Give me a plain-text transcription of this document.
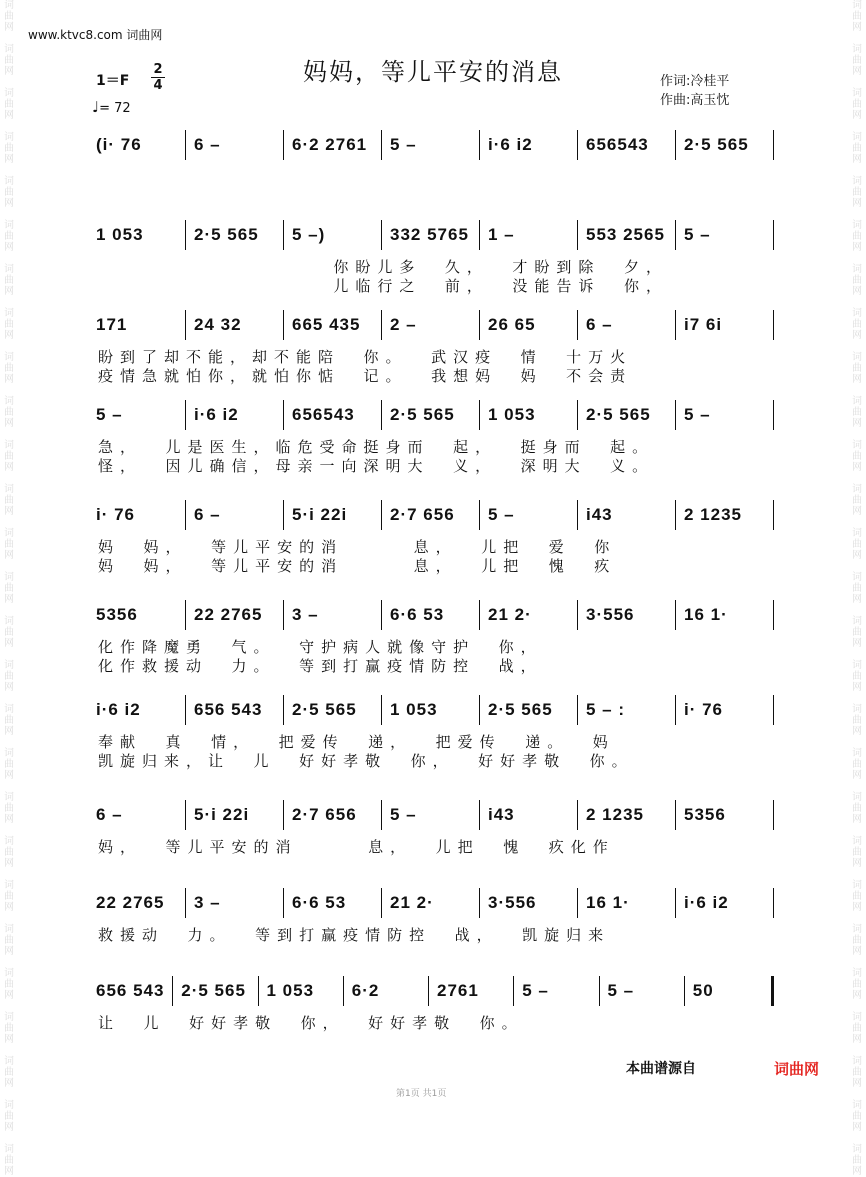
词
曲
网

词
曲
网

词
曲
网

词
曲
网

词
曲
网

词
曲
网

词
曲
网

词
曲
网

词
曲
网

词
曲
网

词
曲
网

词
曲
网

词
曲
网

词
曲
网

词
曲
网

词
曲
网

词
曲
网

词
曲
网

词
曲
网

词
曲
网

词
曲
网

词
曲
网

词
曲
网

词
曲
网

词
曲
网

词
曲
网

词
曲
网
词
曲
网

词
曲
网

词
曲
网

词
曲
网

词
曲
网

词
曲
网

词
曲
网

词
曲
网

词
曲
网

词
曲
网

词
曲
网

词
曲
网

词
曲
网

词
曲
网

词
曲
网

词
曲
网

词
曲
网

词
曲
网

词
曲
网

词
曲
网

词
曲
网

词
曲
网

词
曲
网

词
曲
网

词
曲
网

词
曲
网

词
曲
网
www.ktvc8.com 词曲网
妈妈，等儿平安的消息
1＝F
2
4
♩= 72
作词:冷桂平
作曲:高玉忱
(i· 76	6 –	6·2 2761	5 –	i·6 i2	656543	2·5 565
1 053	2·5 565	5 –)	332 5765	1 –	553 2565	5 –
你盼儿多  久，  才盼到除  夕，
儿临行之  前，  没能告诉  你，
171	24 32	665 435	2 –	26 65	6 –	i7 6i
盼到了却不能，却不能陪  你。  武汉疫  情  十万火
疫情急就怕你，就怕你惦  记。  我想妈  妈  不会责
5 –	i·6 i2	656543	2·5 565	1 053	2·5 565	5 –
急，  儿是医生，临危受命挺身而  起，  挺身而  起。
怪，  因儿确信，母亲一向深明大  义，  深明大  义。
i· 76	6 –	5·i 22i	2·7 656	5 –	i43	2 1235
妈  妈，  等儿平安的消      息，  儿把  爱  你
妈  妈，  等儿平安的消      息，  儿把  愧  疚
5356	22 2765	3 –	6·6 53	21 2·	3·556	16 1·
化作降魔勇  气。  守护病人就像守护  你，
化作救援动  力。  等到打赢疫情防控  战，
i·6 i2	656 543	2·5 565	1 053	2·5 565	5 – :	i· 76
奉献  真  情，  把爱传  递，  把爱传  递。  妈
凯旋归来，让  儿  好好孝敬  你，  好好孝敬  你。
6 –	5·i 22i	2·7 656	5 –	i43	2 1235	5356
妈，  等儿平安的消      息，  儿把  愧  疚化作
22 2765	3 –	6·6 53	21 2·	3·556	16 1·	i·6 i2
救援动  力。  等到打赢疫情防控  战，  凯旋归来
656 543 2·5 565	1 053	6·2	2761	5 –	5 –	50
让  儿  好好孝敬  你，  好好孝敬  你。
本曲谱源自	词曲网
第1页 共1页
